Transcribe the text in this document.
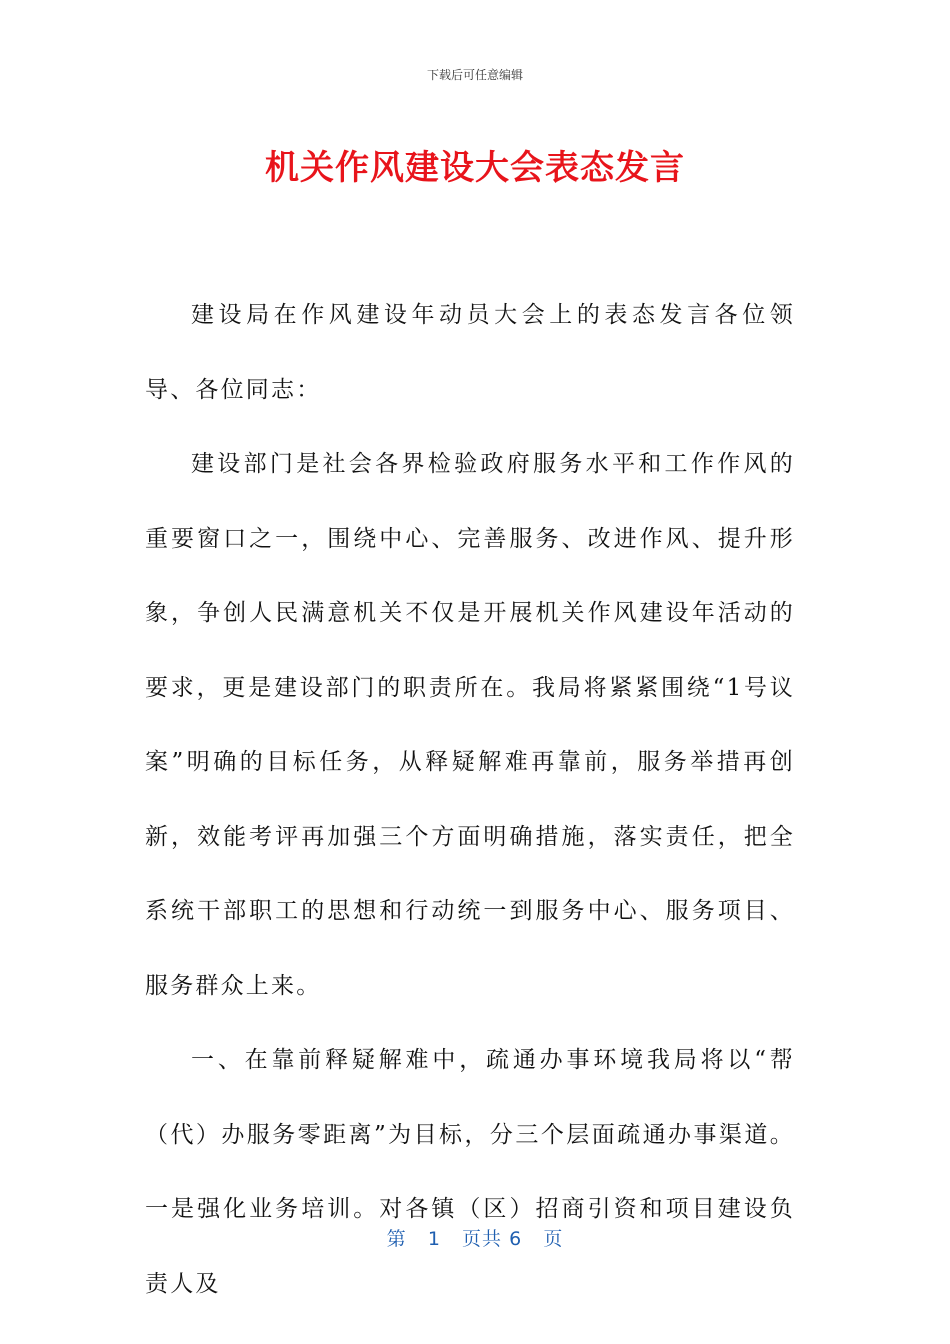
下载后可任意编辑
机关作风建设大会表态发言

建设局在作风建设年动员大会上的表态发言各位领导、各位同志：

建设部门是社会各界检验政府服务水平和工作作风的重要窗口之一，围绕中心、完善服务、改进作风、提升形象，争创人民满意机关不仅是开展机关作风建设年活动的要求，更是建设部门的职责所在。我局将紧紧围绕“1号议案”明确的目标任务，从释疑解难再靠前，服务举措再创新，效能考评再加强三个方面明确措施，落实责任，把全系统干部职工的思想和行动统一到服务中心、服务项目、服务群众上来。

一、在靠前释疑解难中，疏通办事环境我局将以“帮（代）办服务零距离”为目标，分三个层面疏通办事渠道。一是强化业务培训。对各镇（区）招商引资和项目建设负责人及

第 1 页共 6 页
